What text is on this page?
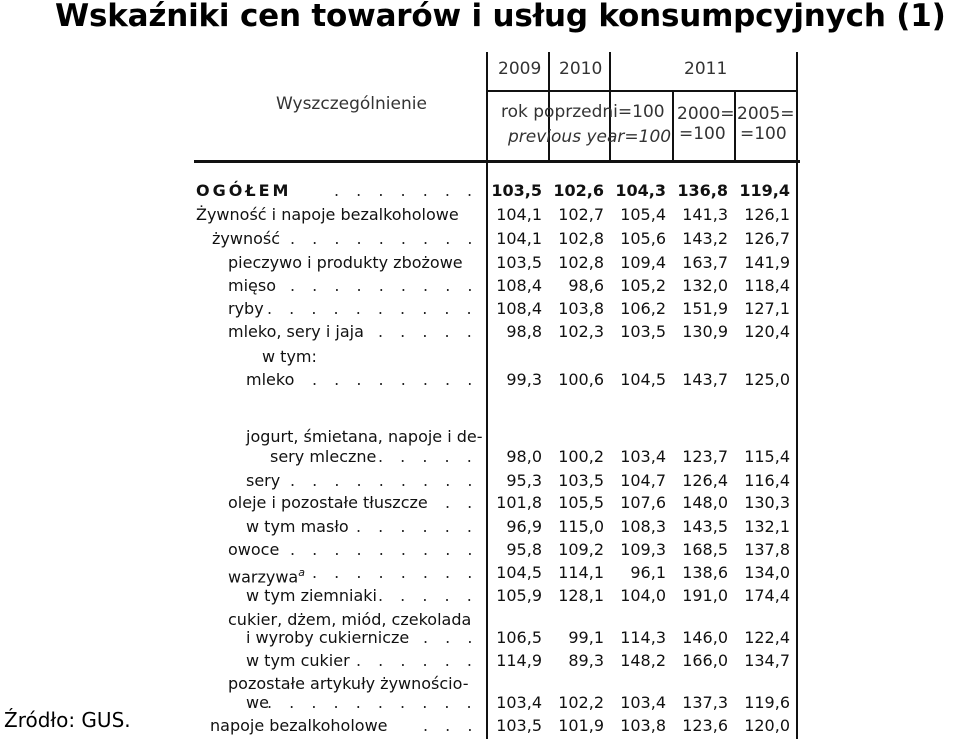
Wskaźniki cen towarów i usług konsumpcyjnych (1)
Wyszczególnienie
2009 2010	2011
rok poprzedni=100
previous year=100
2000=
=100
2005=
=100
OGÓŁEM	. . . . . . . 103,5 102,6 104,3 136,8 119,4
Żywność i napoje bezalkoholowe	104,1	102,7	105,4	141,3	126,1
żywność . . . . . . . . .	104,1	102,8	105,6	143,2	126,7
pieczywo i produkty zbożowe	103,5	102,8	109,4	163,7	141,9
mięso . . . . . . . . .	108,4	98,6	105,2	132,0	118,4
ryby . . . . . . . . . .	108,4	103,8	106,2	151,9	127,1
mleko, sery i jaja . . . . .	98,8	102,3	103,5	130,9	120,4
w tym:
mleko . . . . . . . .	99,3	100,6	104,5	143,7	125,0
jogurt, śmietana, napoje i de-
sery mleczne . . . . .	98,0	100,2	103,4	123,7	115,4
sery . . . . . . . . .	95,3	103,5	104,7	126,4	116,4
oleje i pozostałe tłuszcze . .	101,8	105,5	107,6	148,0	130,3
w tym masło . . . . . .	96,9	115,0	108,3	143,5	132,1
owoce . . . . . . . . .	95,8	109,2	109,3	168,5	137,8
warzywa$^a$ . . . . . . . .	104,5	114,1	96,1	138,6	134,0
w tym ziemniaki . . . . .	105,9	128,1	104,0	191,0	174,4
cukier, dżem, miód, czekolada
i wyroby cukiernicze . . .	106,5	99,1	114,3	146,0	122,4
w tym cukier . . . . . .	114,9	89,3	148,2	166,0	134,7
pozostałe artykuły żywnościo-
we
. . . . . . . . . .	103,4	102,2	103,4	137,3	119,6
napoje bezalkoholowe . . .	103,5	101,9	103,8	123,6	120,0
Źródło: GUS.
